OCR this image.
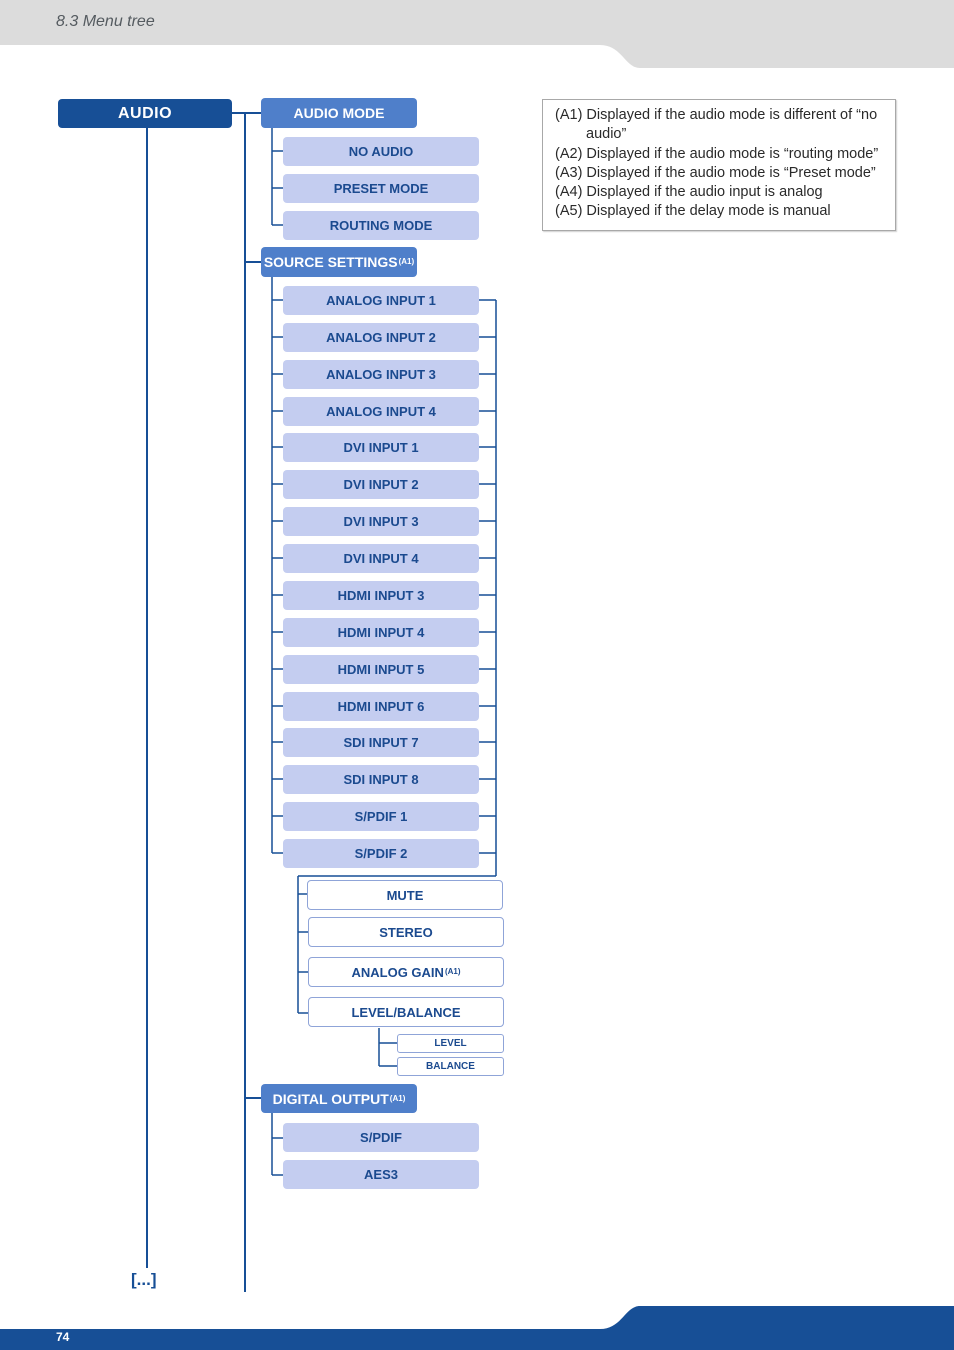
8.3 Menu tree
AUDIO	AUDIO MODE
NO AUDIO
PRESET MODE
ROUTING MODE
SOURCE SETTINGS (A1)
ANALOG INPUT 1
ANALOG INPUT 2
ANALOG INPUT 3
ANALOG INPUT 4
DVI INPUT 1
DVI INPUT 2
DVI INPUT 3
DVI INPUT 4
HDMI INPUT 3
HDMI INPUT 4
HDMI INPUT 5
HDMI INPUT 6
SDI INPUT 7
SDI INPUT 8
S/PDIF 1
S/PDIF 2
MUTE
STEREO
ANALOG GAIN (A1)
LEVEL/BALANCE
LEVEL
BALANCE
DIGITAL OUTPUT (A1)
S/PDIF
AES3
[...]
(A1) Displayed if the audio mode is different of “no audio”
(A2) Displayed if the audio mode is “routing mode”
(A3) Displayed if the audio mode is “Preset mode”
(A4) Displayed if the audio input is analog
(A5) Displayed if the delay mode is manual
74
